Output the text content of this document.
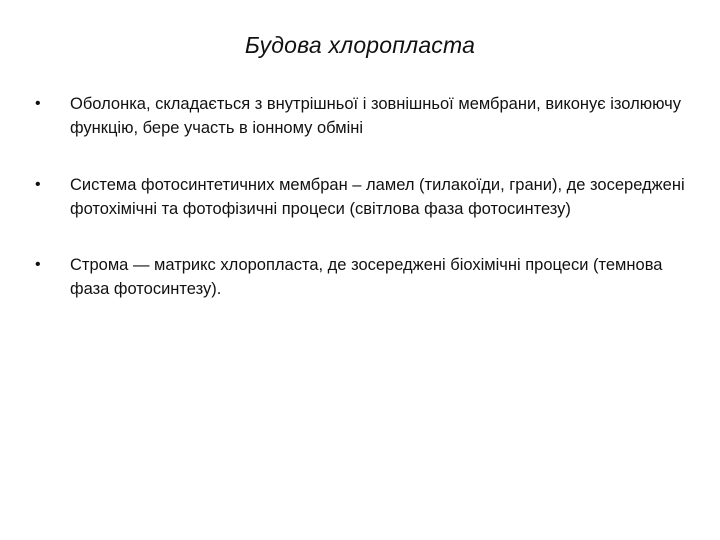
Будова хлоропласта
• Оболонка, складається з внутрішньої і зовнішньої мембрани, виконує ізолюючу функцію, бере участь в іонному обміні
• Система фотосинтетичних мембран – ламел (тилакоїди, грани), де зосереджені фотохімічні та фотофізичні процеси (світлова фаза фотосинтезу)
• Строма — матрикс хлоропласта, де зосереджені біохімічні процеси (темнова фаза фотосинтезу).
